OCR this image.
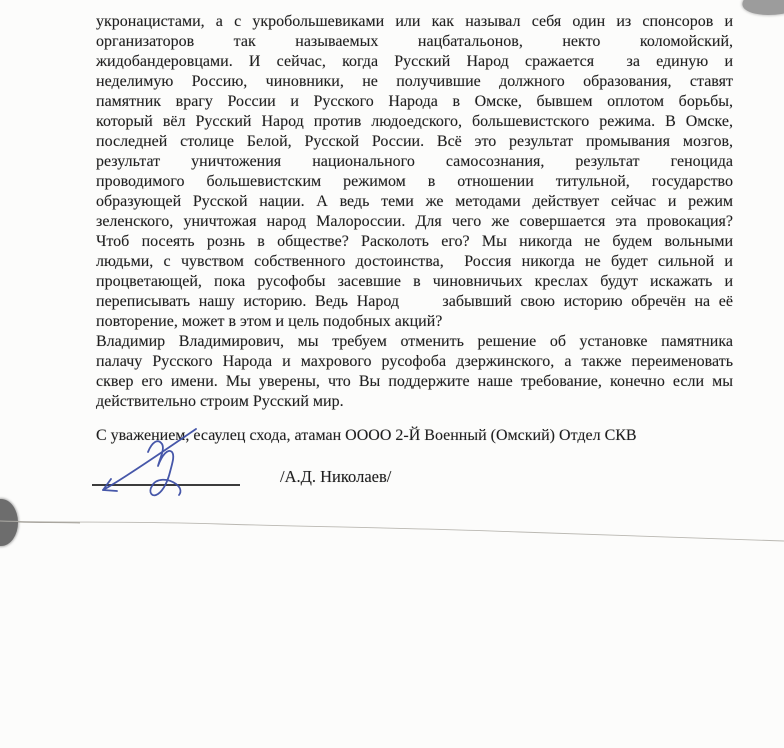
укронацистами, а с укробольшевиками или как называл себя один из спонсоров и
организаторов так называемых нацбатальонов, некто коломойский,
жидобандеровцами. И сейчас, когда Русский Народ сражается  за единую и
неделимую Россию, чиновники, не получившие должного образования, ставят
памятник врагу России и Русского Народа в Омске, бывшем оплотом борьбы,
который вёл Русский Народ против людоедского, большевистского режима. В Омске,
последней столице Белой, Русской России. Всё это результат промывания мозгов,
результат уничтожения национального самосознания, результат геноцида
проводимого большевистским режимом в отношении титульной, государство
образующей Русской нации. А ведь теми же методами действует сейчас и режим
зеленского, уничтожая народ Малороссии. Для чего же совершается эта провокация?
Чтоб посеять рознь в обществе? Расколоть его? Мы никогда не будем вольными
людьми, с чувством собственного достоинства,  Россия никогда не будет сильной и
процветающей, пока русофобы засевшие в чиновничьих креслах будут искажать и
переписывать нашу историю. Ведь Народ     забывший свою историю обречён на её
повторение, может в этом и цель подобных акций?
Владимир Владимирович, мы требуем отменить решение об установке памятника
палачу Русского Народа и махрового русофоба дзержинского, а также переименовать
сквер его имени. Мы уверены, что Вы поддержите наше требование, конечно если мы
действительно строим Русский мир.
С уважением, есаулец схода, атаман ОООО 2-Й Военный (Омский) Отдел СКВ
/А.Д. Николаев/
